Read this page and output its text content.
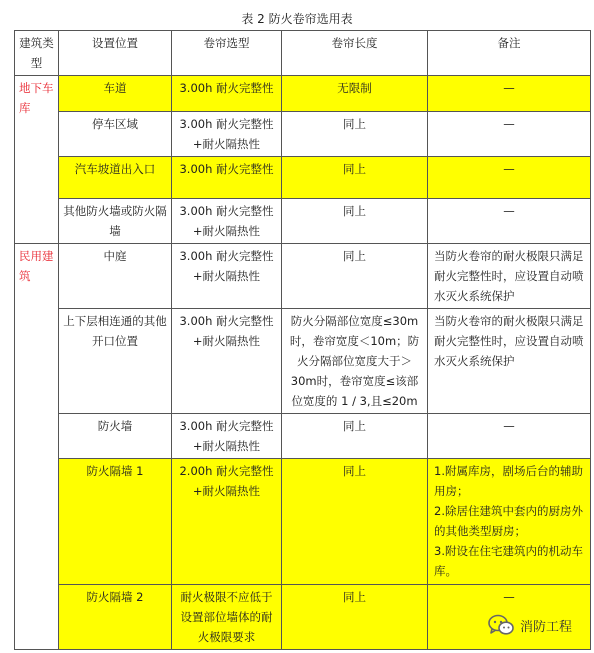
表 2 防火卷帘选用表
建筑类型	设置位置	卷帘选型	卷帘长度	备注
地下车库	车道	3.00h 耐火完整性	无限制	—
	停车区域	3.00h 耐火完整性+耐火隔热性	同上	—
	汽车坡道出入口	3.00h 耐火完整性	同上	—
	其他防火墙或防火隔墙	3.00h 耐火完整性+耐火隔热性	同上	—
民用建筑	中庭	3.00h 耐火完整性+耐火隔热性	同上	当防火卷帘的耐火极限只满足耐火完整性时，应设置自动喷水灭火系统保护
	上下层相连通的其他开口位置	3.00h 耐火完整性+耐火隔热性	防火分隔部位宽度≤30m时，卷帘宽度＜10m；防火分隔部位宽度大于＞30m时，卷帘宽度≤该部位宽度的 1 / 3,且≤20m	当防火卷帘的耐火极限只满足耐火完整性时，应设置自动喷水灭火系统保护
	防火墙	3.00h 耐火完整性+耐火隔热性	同上	—
	防火隔墙 1	2.00h 耐火完整性+耐火隔热性	同上	1.附属库房，剧场后台的辅助用房；
2.除居住建筑中套内的厨房外的其他类型厨房；
3.附设在住宅建筑内的机动车库。

	防火隔墙 2	耐火极限不应低于设置部位墙体的耐火极限要求	同上	—
消防工程
